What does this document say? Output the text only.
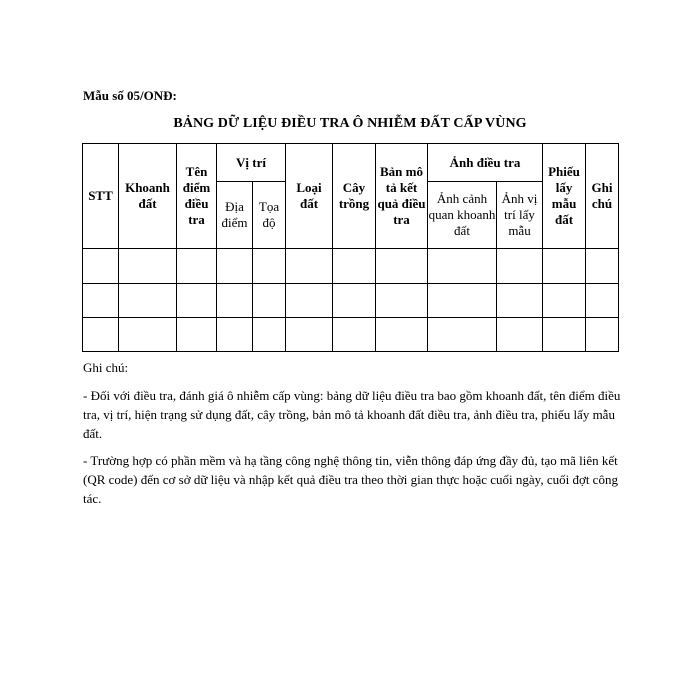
Mẫu số 05/ONĐ:
BẢNG DỮ LIỆU ĐIỀU TRA Ô NHIỄM ĐẤT CẤP VÙNG
STT	Khoanh đất	Tên điểm điều tra	Vị trí		Loại đất	Cây trồng	Bản mô tả kết quả điều tra	Ảnh điều tra		Phiếu lấy mẫu đất	Ghi chú
			Địa điểm	Tọa độ				Ảnh cảnh quan khoanh đất	Ảnh vị trí lấy mẫu		

Ghi chú:

- Đối với điều tra, đánh giá ô nhiễm cấp vùng: bảng dữ liệu điều tra bao gồm khoanh đất, tên điểm điều tra, vị trí, hiện trạng sử dụng đất, cây trồng, bản mô tả khoanh đất điều tra, ảnh điều tra, phiếu lấy mẫu đất.

- Trường hợp có phần mềm và hạ tầng công nghệ thông tin, viễn thông đáp ứng đầy đủ, tạo mã liên kết (QR code) đến cơ sở dữ liệu và nhập kết quả điều tra theo thời gian thực hoặc cuối ngày, cuối đợt công tác.
